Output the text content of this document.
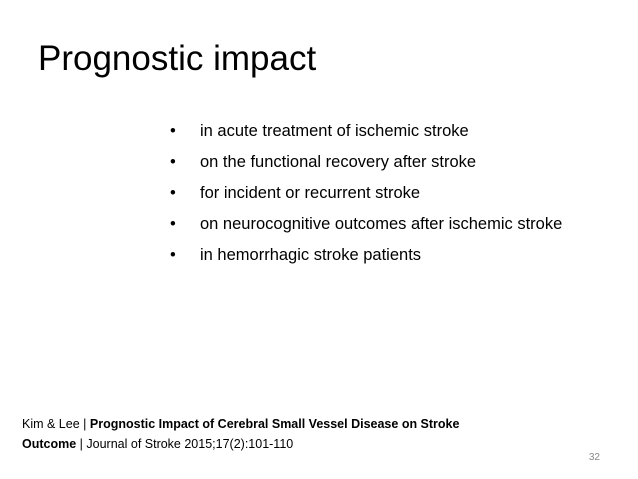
Prognostic impact
• in acute treatment of ischemic stroke
• on the functional recovery after stroke
• for incident or recurrent stroke
• on neurocognitive outcomes after ischemic stroke
• in hemorrhagic stroke patients
Kim & Lee | Prognostic Impact of Cerebral Small Vessel Disease on Stroke Outcome | Journal of Stroke 2015;17(2):101-110
32
